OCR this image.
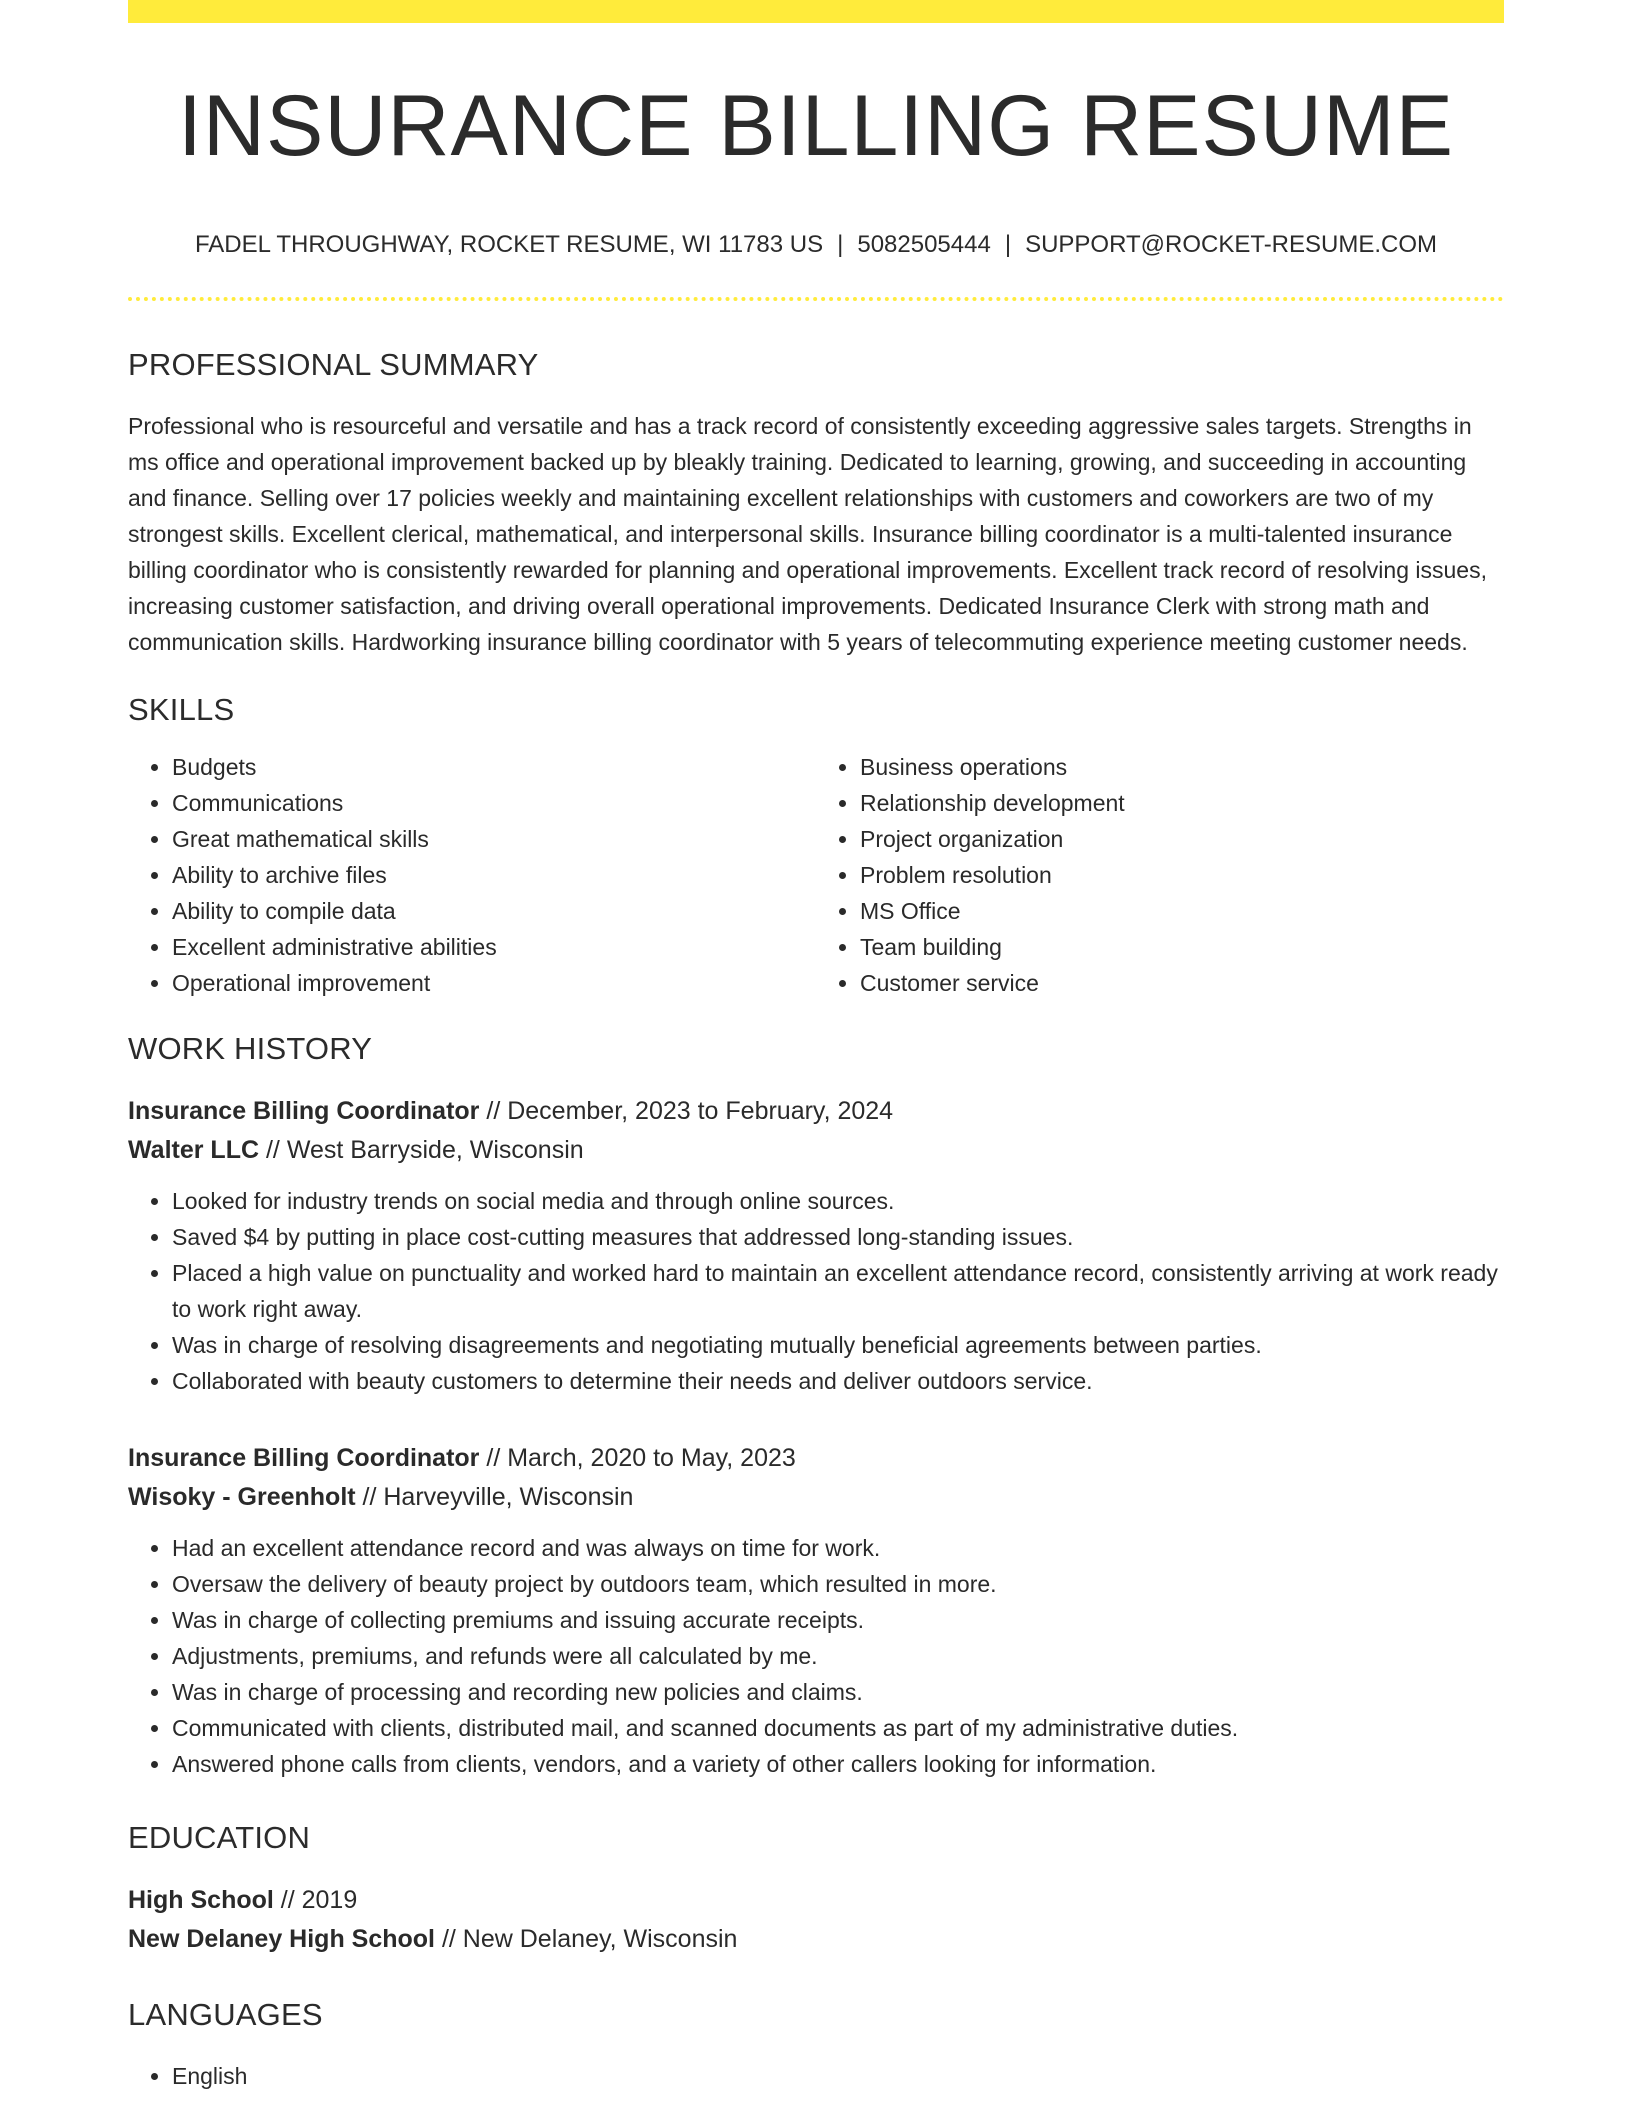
INSURANCE BILLING RESUME
FADEL THROUGHWAY, ROCKET RESUME, WI 11783 US | 5082505444 | SUPPORT@ROCKET-RESUME.COM
PROFESSIONAL SUMMARY

Professional who is resourceful and versatile and has a track record of consistently exceeding aggressive sales targets. Strengths in ms office and operational improvement backed up by bleakly training. Dedicated to learning, growing, and succeeding in accounting and finance. Selling over 17 policies weekly and maintaining excellent relationships with customers and coworkers are two of my strongest skills. Excellent clerical, mathematical, and interpersonal skills. Insurance billing coordinator is a multi-talented insurance billing coordinator who is consistently rewarded for planning and operational improvements. Excellent track record of resolving issues, increasing customer satisfaction, and driving overall operational improvements. Dedicated Insurance Clerk with strong math and communication skills. Hardworking insurance billing coordinator with 5 years of telecommuting experience meeting customer needs.

SKILLS
• Budgets
• Communications
• Great mathematical skills
• Ability to archive files
• Ability to compile data
• Excellent administrative abilities
• Operational improvement
• Business operations
• Relationship development
• Project organization
• Problem resolution
• MS Office
• Team building
• Customer service
WORK HISTORY
Insurance Billing Coordinator // December, 2023 to February, 2024
Walter LLC // West Barryside, Wisconsin
• Looked for industry trends on social media and through online sources.
• Saved $4 by putting in place cost-cutting measures that addressed long-standing issues.
• Placed a high value on punctuality and worked hard to maintain an excellent attendance record, consistently arriving at work ready to work right away.
• Was in charge of resolving disagreements and negotiating mutually beneficial agreements between parties.
• Collaborated with beauty customers to determine their needs and deliver outdoors service.
Insurance Billing Coordinator // March, 2020 to May, 2023
Wisoky - Greenholt // Harveyville, Wisconsin
• Had an excellent attendance record and was always on time for work.
• Oversaw the delivery of beauty project by outdoors team, which resulted in more.
• Was in charge of collecting premiums and issuing accurate receipts.
• Adjustments, premiums, and refunds were all calculated by me.
• Was in charge of processing and recording new policies and claims.
• Communicated with clients, distributed mail, and scanned documents as part of my administrative duties.
• Answered phone calls from clients, vendors, and a variety of other callers looking for information.
EDUCATION
High School // 2019
New Delaney High School // New Delaney, Wisconsin
LANGUAGES
• English
